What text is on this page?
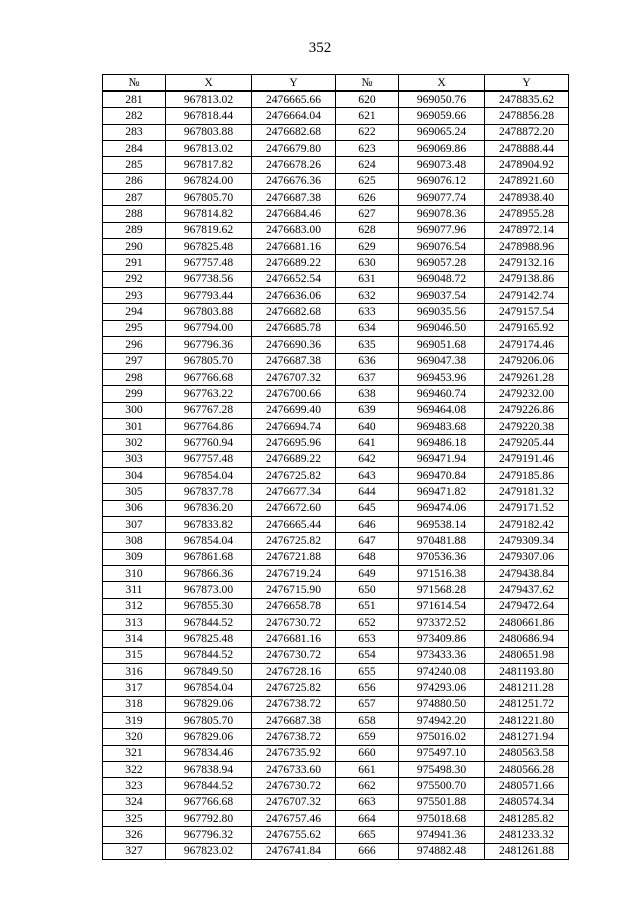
352
№	X	Y	№	X	Y
281	967813.02	2476665.66	620	969050.76	2478835.62
282	967818.44	2476664.04	621	969059.66	2478856.28
283	967803.88	2476682.68	622	969065.24	2478872.20
284	967813.02	2476679.80	623	969069.86	2478888.44
285	967817.82	2476678.26	624	969073.48	2478904.92
286	967824.00	2476676.36	625	969076.12	2478921.60
287	967805.70	2476687.38	626	969077.74	2478938.40
288	967814.82	2476684.46	627	969078.36	2478955.28
289	967819.62	2476683.00	628	969077.96	2478972.14
290	967825.48	2476681.16	629	969076.54	2478988.96
291	967757.48	2476689.22	630	969057.28	2479132.16
292	967738.56	2476652.54	631	969048.72	2479138.86
293	967793.44	2476636.06	632	969037.54	2479142.74
294	967803.88	2476682.68	633	969035.56	2479157.54
295	967794.00	2476685.78	634	969046.50	2479165.92
296	967796.36	2476690.36	635	969051.68	2479174.46
297	967805.70	2476687.38	636	969047.38	2479206.06
298	967766.68	2476707.32	637	969453.96	2479261.28
299	967763.22	2476700.66	638	969460.74	2479232.00
300	967767.28	2476699.40	639	969464.08	2479226.86
301	967764.86	2476694.74	640	969483.68	2479220.38
302	967760.94	2476695.96	641	969486.18	2479205.44
303	967757.48	2476689.22	642	969471.94	2479191.46
304	967854.04	2476725.82	643	969470.84	2479185.86
305	967837.78	2476677.34	644	969471.82	2479181.32
306	967836.20	2476672.60	645	969474.06	2479171.52
307	967833.82	2476665.44	646	969538.14	2479182.42
308	967854.04	2476725.82	647	970481.88	2479309.34
309	967861.68	2476721.88	648	970536.36	2479307.06
310	967866.36	2476719.24	649	971516.38	2479438.84
311	967873.00	2476715.90	650	971568.28	2479437.62
312	967855.30	2476658.78	651	971614.54	2479472.64
313	967844.52	2476730.72	652	973372.52	2480661.86
314	967825.48	2476681.16	653	973409.86	2480686.94
315	967844.52	2476730.72	654	973433.36	2480651.98
316	967849.50	2476728.16	655	974240.08	2481193.80
317	967854.04	2476725.82	656	974293.06	2481211.28
318	967829.06	2476738.72	657	974880.50	2481251.72
319	967805.70	2476687.38	658	974942.20	2481221.80
320	967829.06	2476738.72	659	975016.02	2481271.94
321	967834.46	2476735.92	660	975497.10	2480563.58
322	967838.94	2476733.60	661	975498.30	2480566.28
323	967844.52	2476730.72	662	975500.70	2480571.66
324	967766.68	2476707.32	663	975501.88	2480574.34
325	967792.80	2476757.46	664	975018.68	2481285.82
326	967796.32	2476755.62	665	974941.36	2481233.32
327	967823.02	2476741.84	666	974882.48	2481261.88
